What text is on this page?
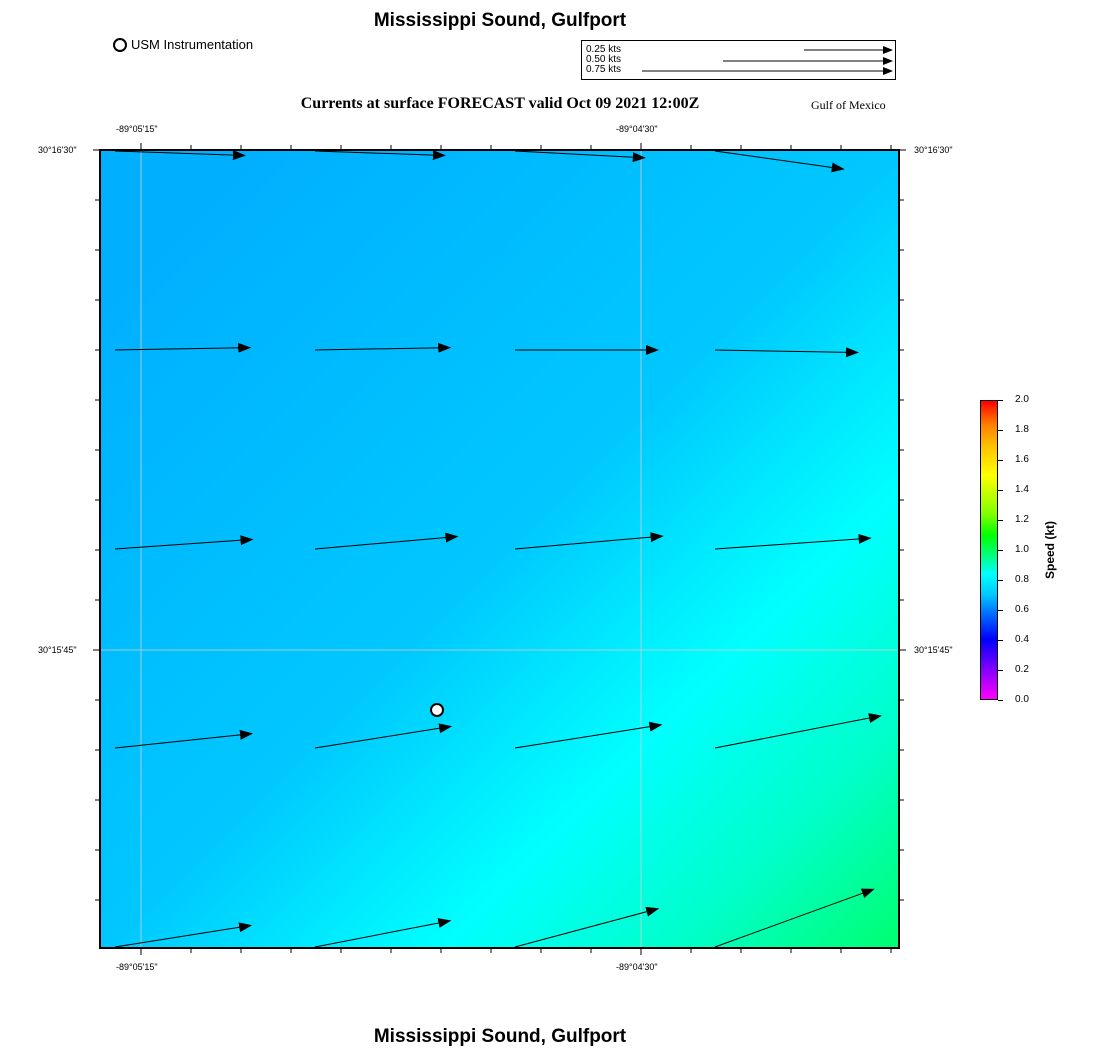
Mississippi Sound, Gulfport
USM Instrumentation	0.25 kts
0.50 kts
0.75 kts
Currents at surface FORECAST valid Oct 09 2021 12:00Z	Gulf of Mexico
-89°05'15"	-89°04'30"
-89°05'15"	-89°04'30"
30°16'30"
30°15'45"
30°16'30"
30°15'45"
2.0
1.8
1.6
1.4
1.2
1.0
0.8
0.6
0.4
0.2
0.0
Speed (kt)
Mississippi Sound, Gulfport
